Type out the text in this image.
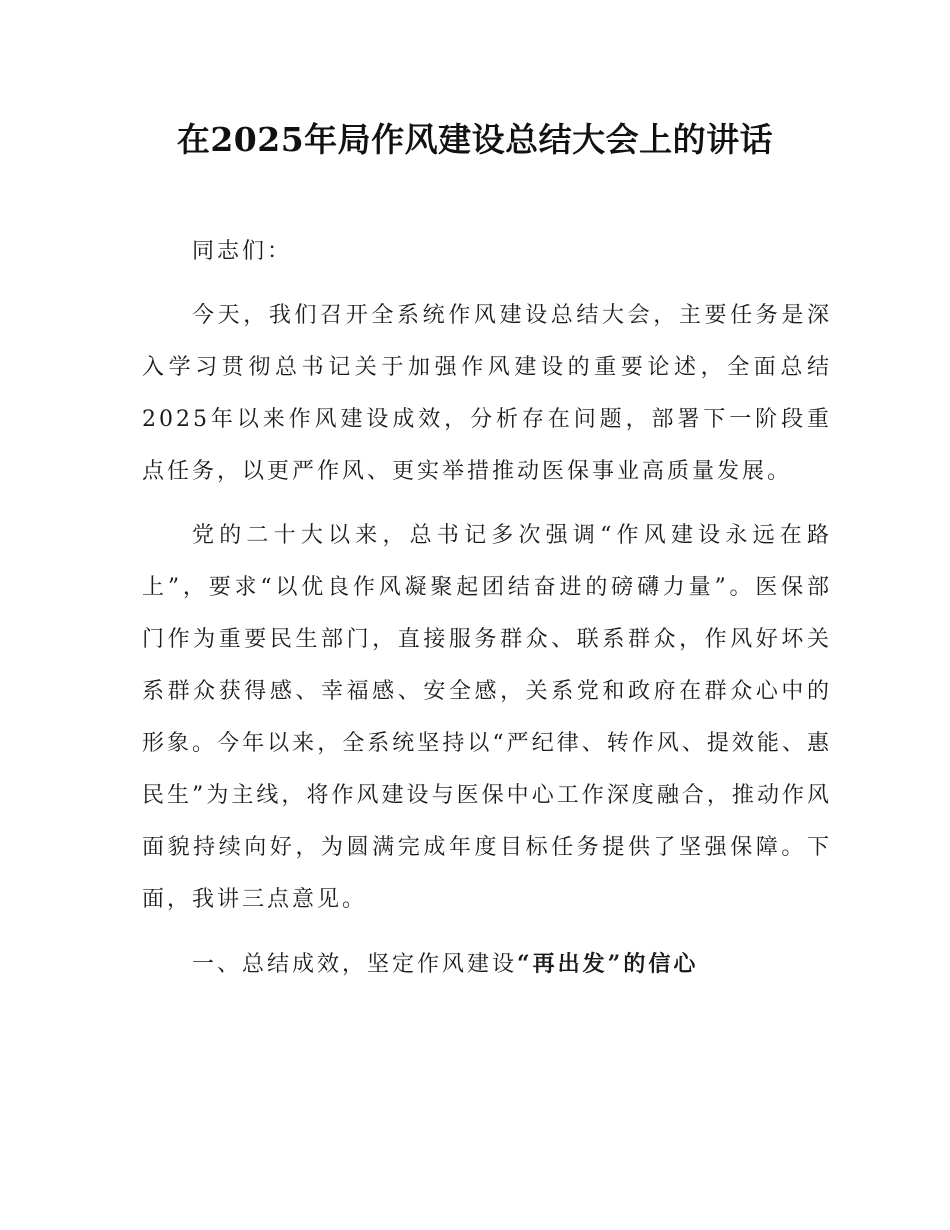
在2025年局作风建设总结大会上的讲话

同志们：

今天，我们召开全系统作风建设总结大会，主要任务是深入学习贯彻总书记关于加强作风建设的重要论述，全面总结2025年以来作风建设成效，分析存在问题，部署下一阶段重点任务，以更严作风、更实举措推动医保事业高质量发展。

党的二十大以来，总书记多次强调“作风建设永远在路上”，要求“以优良作风凝聚起团结奋进的磅礴力量”。医保部门作为重要民生部门，直接服务群众、联系群众，作风好坏关系群众获得感、幸福感、安全感，关系党和政府在群众心中的形象。今年以来，全系统坚持以“严纪律、转作风、提效能、惠民生”为主线，将作风建设与医保中心工作深度融合，推动作风面貌持续向好，为圆满完成年度目标任务提供了坚强保障。下面，我讲三点意见。

一、总结成效，坚定作风建设“再出发”的信心
